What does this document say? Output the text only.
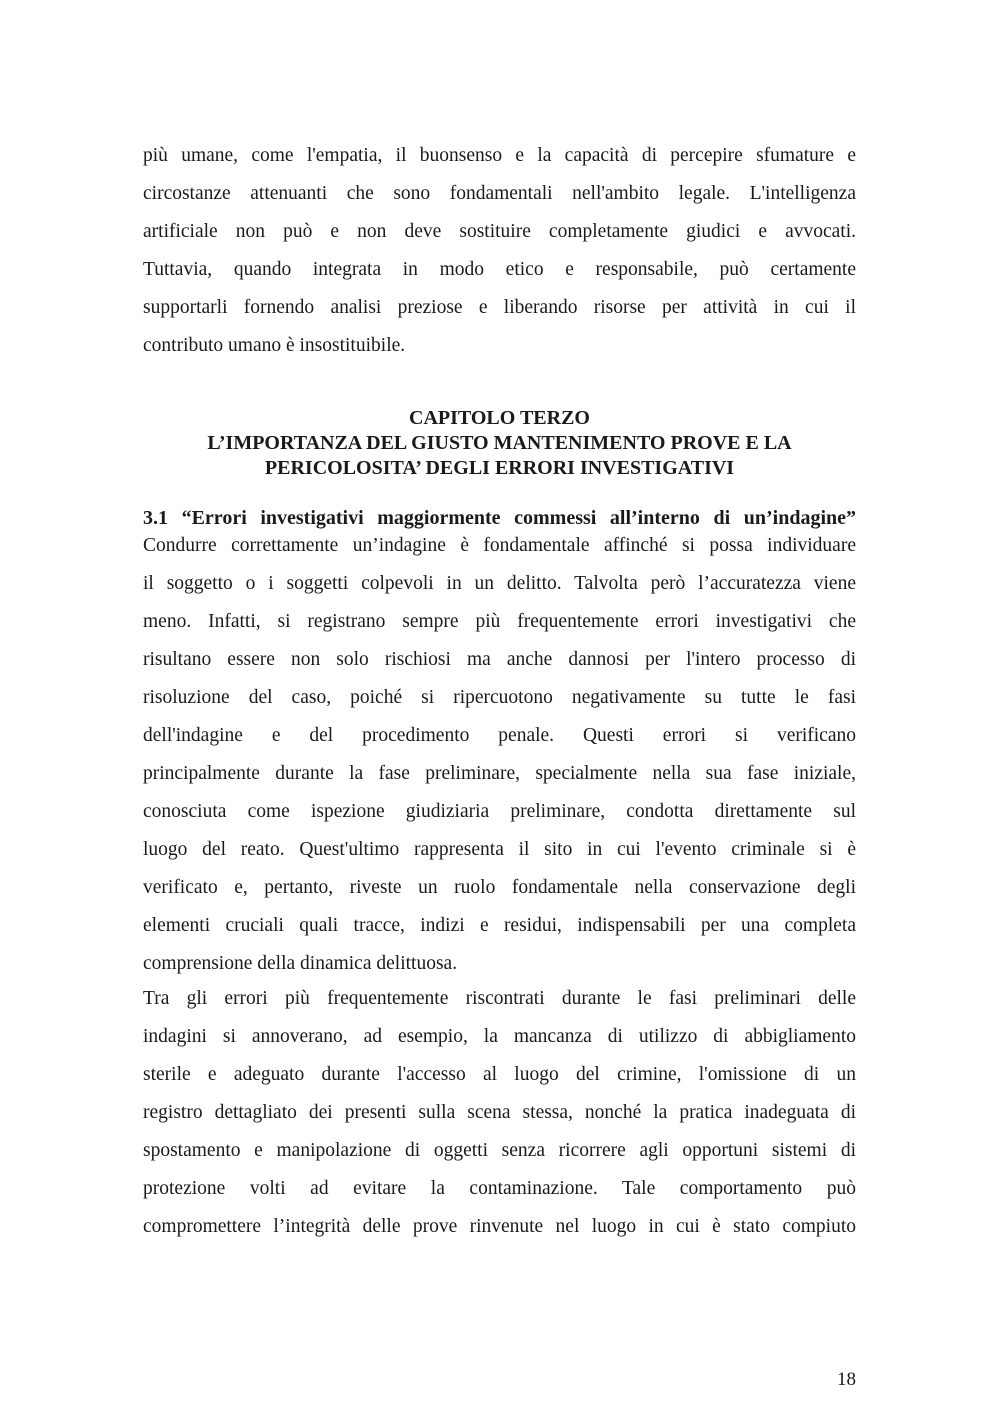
più umane, come l'empatia, il buonsenso e la capacità di percepire sfumature e
circostanze attenuanti che sono fondamentali nell'ambito legale. L'intelligenza
artificiale non può e non deve sostituire completamente giudici e avvocati.
Tuttavia, quando integrata in modo etico e responsabile, può certamente
supportarli fornendo analisi preziose e liberando risorse per attività in cui il
contributo umano è insostituibile.
CAPITOLO TERZO
L’IMPORTANZA DEL GIUSTO MANTENIMENTO PROVE E LA
PERICOLOSITA’ DEGLI ERRORI INVESTIGATIVI
3.1 “Errori investigativi maggiormente commessi all’interno di un’indagine”
Condurre correttamente un’indagine è fondamentale affinché si possa individuare
il soggetto o i soggetti colpevoli in un delitto. Talvolta però l’accuratezza viene
meno. Infatti, si registrano sempre più frequentemente errori investigativi che
risultano essere non solo rischiosi ma anche dannosi per l'intero processo di
risoluzione del caso, poiché si ripercuotono negativamente su tutte le fasi
dell'indagine e del procedimento penale. Questi errori si verificano
principalmente durante la fase preliminare, specialmente nella sua fase iniziale,
conosciuta come ispezione giudiziaria preliminare, condotta direttamente sul
luogo del reato. Quest'ultimo rappresenta il sito in cui l'evento criminale si è
verificato e, pertanto, riveste un ruolo fondamentale nella conservazione degli
elementi cruciali quali tracce, indizi e residui, indispensabili per una completa
comprensione della dinamica delittuosa.
Tra gli errori più frequentemente riscontrati durante le fasi preliminari delle
indagini si annoverano, ad esempio, la mancanza di utilizzo di abbigliamento
sterile e adeguato durante l'accesso al luogo del crimine, l'omissione di un
registro dettagliato dei presenti sulla scena stessa, nonché la pratica inadeguata di
spostamento e manipolazione di oggetti senza ricorrere agli opportuni sistemi di
protezione volti ad evitare la contaminazione. Tale comportamento può
compromettere l’integrità delle prove rinvenute nel luogo in cui è stato compiuto
18
